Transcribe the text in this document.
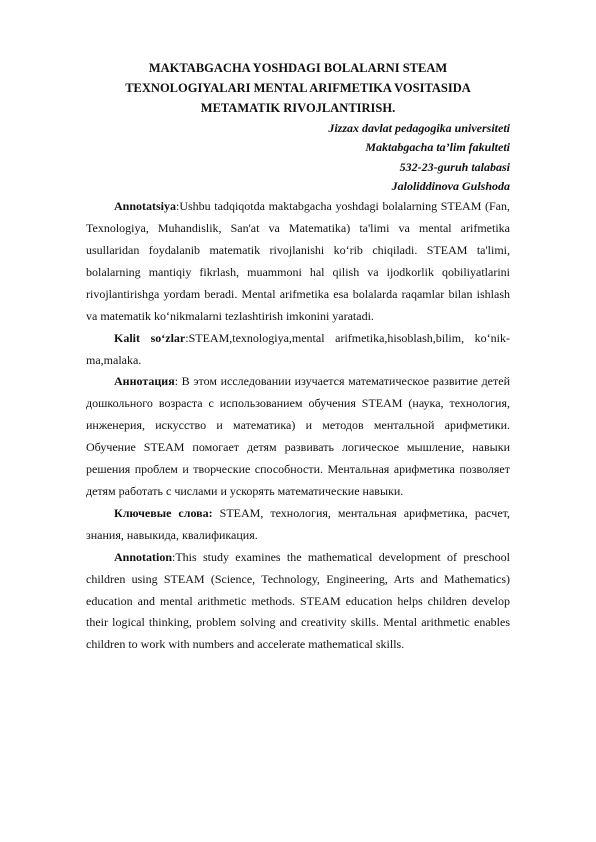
MAKTABGACHA YOSHDAGI BOLALARNI STEAM
TEXNOLOGIYALARI MENTAL ARIFMETIKA VOSITASIDA
METAMATIK RIVOJLANTIRISH.
Jizzax davlat pedagogika universiteti
Maktabgacha ta’lim fakulteti
532-23-guruh talabasi
Jaloliddinova Gulshoda

Annotatsiya:Ushbu tadqiqotda maktabgacha yoshdagi bolalarning STEAM (Fan, Texnologiya, Muhandislik, San'at va Matematika) ta'limi va mental arifmetika usullaridan foydalanib matematik rivojlanishi ko‘rib chiqiladi. STEAM ta'limi, bolalarning mantiqiy fikrlash, muammoni hal qilish va ijodkorlik qobiliyatlarini rivojlantirishga yordam beradi. Mental arifmetika esa bolalarda raqamlar bilan ishlash va matematik ko‘nikmalarni tezlashtirish imkonini yaratadi.

Kalit so‘zlar:STEAM,texnologiya,mental arifmetika,hisoblash,bilim, ko‘nik-ma,malaka.

Аннотация: В этом исследовании изучается математическое развитие детей дошкольного возраста с использованием обучения STEAM (наука, технология, инженерия, искусство и математика) и методов ментальной арифметики. Обучение STEAM помогает детям развивать логическое мышление, навыки решения проблем и творческие способности. Ментальная арифметика позволяет детям работать с числами и ускорять математические навыки.

Ключевые слова: STEAM, технология, ментальная арифметика, расчет, знания, навыкида, квалификация.

Annotation:This study examines the mathematical development of preschool children using STEAM (Science, Technology, Engineering, Arts and Mathematics) education and mental arithmetic methods. STEAM education helps children develop their logical thinking, problem solving and creativity skills. Mental arithmetic enables children to work with numbers and accelerate mathematical skills.
